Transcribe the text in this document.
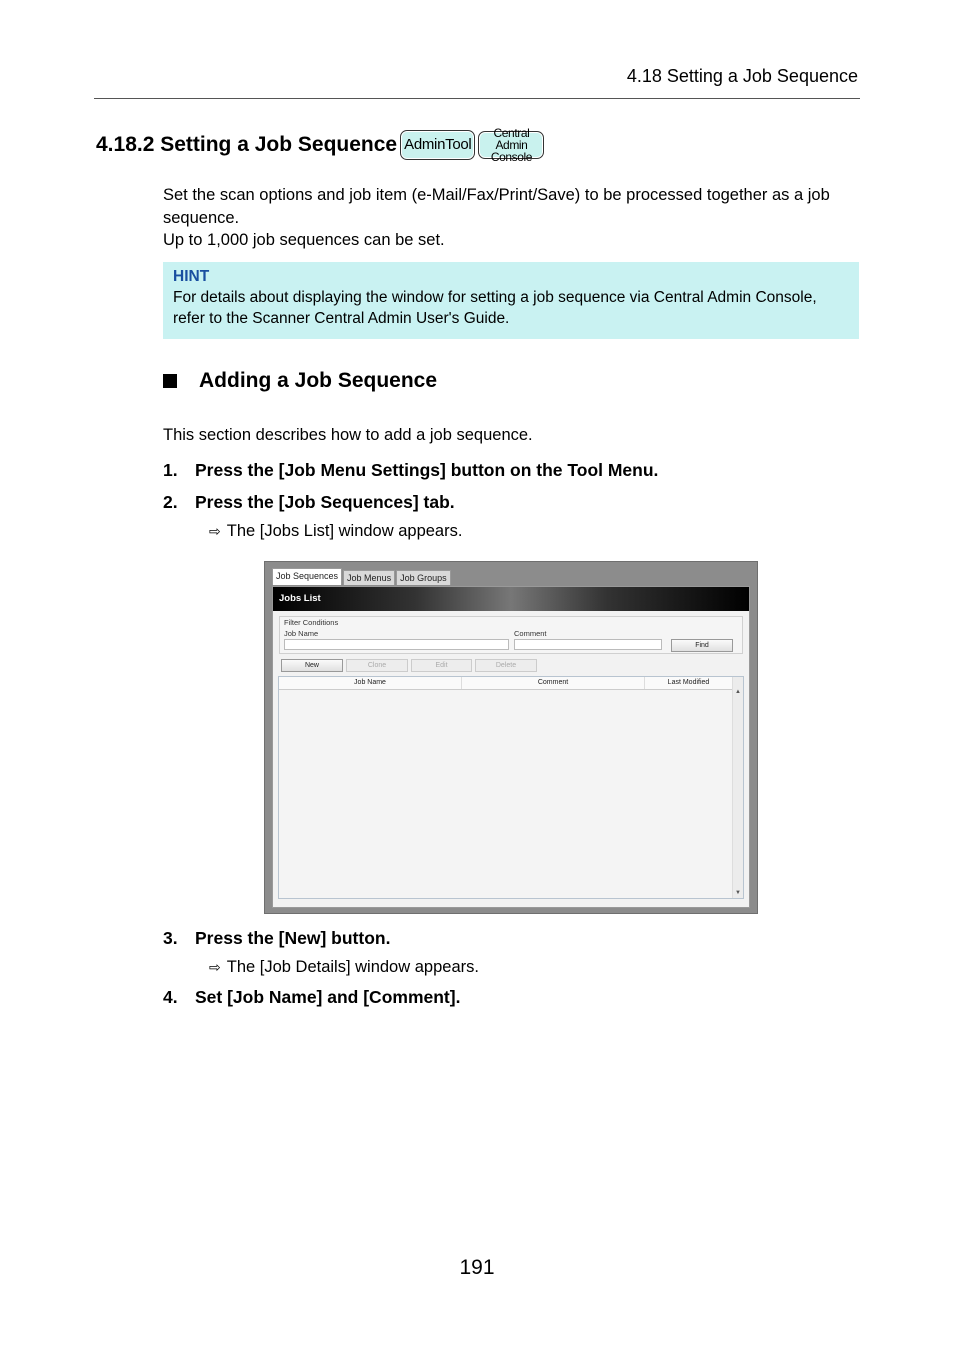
4.18 Setting a Job Sequence
4.18.2 Setting a Job Sequence AdminTool
Central Admin
Console
Set the scan options and job item (e-Mail/Fax/Print/Save) to be processed together as a job sequence.
Up to 1,000 job sequences can be set.
HINT
For details about displaying the window for setting a job sequence via Central Admin Console, refer to the Scanner Central Admin User's Guide.
Adding a Job Sequence
This section describes how to add a job sequence.
1. Press the [Job Menu Settings] button on the Tool Menu.
2. Press the [Job Sequences] tab.
⇨ The [Jobs List] window appears.
Job Sequences	Job Menus	Job Groups
Jobs List
Filter Conditions
Job Name	Comment
Find
New	Clone	Edit	Delete
Job Name	Comment	Last Modified
▲
▼
3. Press the [New] button.
⇨ The [Job Details] window appears.
4. Set [Job Name] and [Comment].
191
